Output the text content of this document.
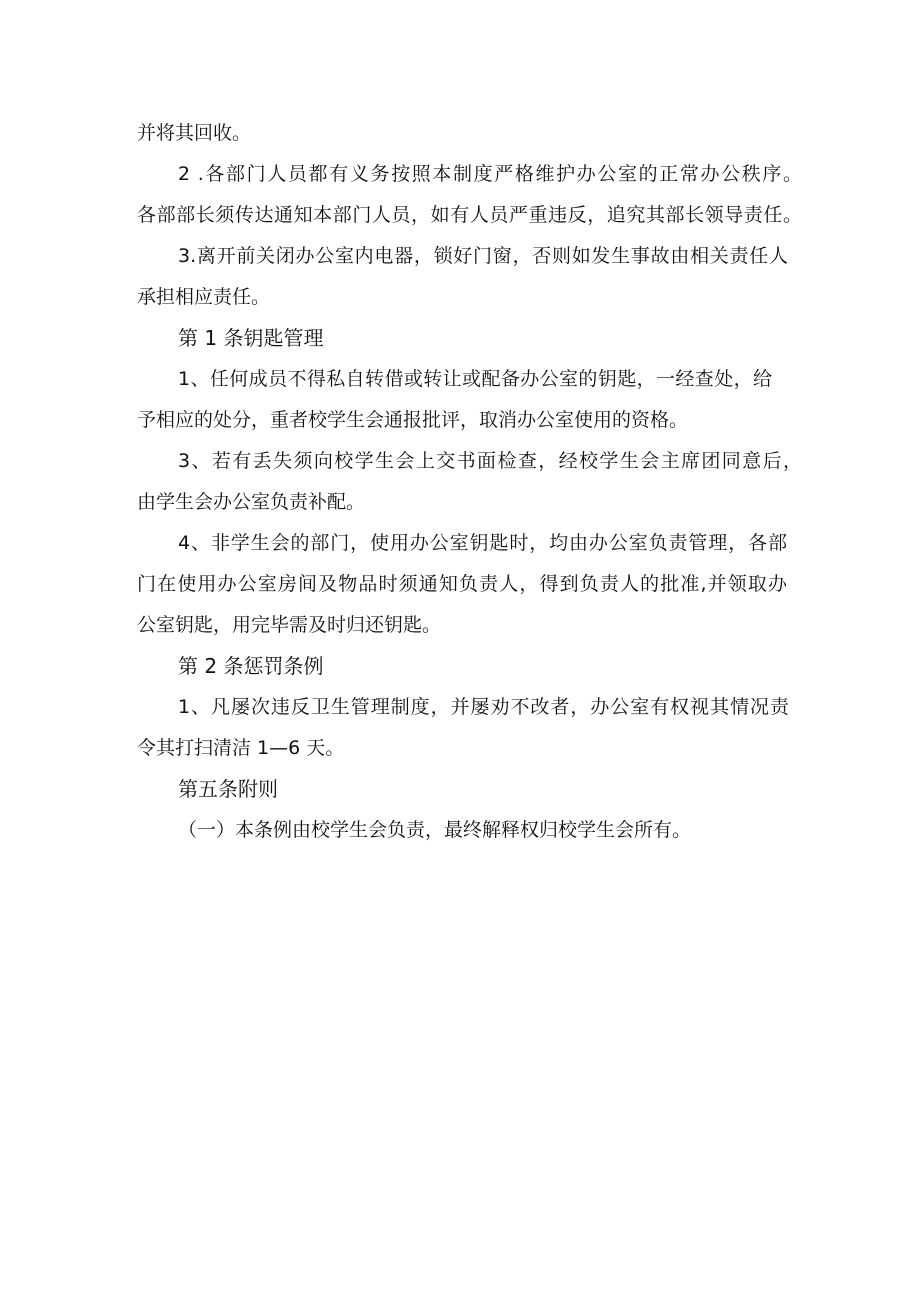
并将其回收。

2 .各部门人员都有义务按照本制度严格维护办公室的正常办公秩序。

各部部长须传达通知本部门人员，如有人员严重违反，追究其部长领导责任。

3.离开前关闭办公室内电器，锁好门窗，否则如发生事故由相关责任人

承担相应责任。

第 1 条钥匙管理

1、任何成员不得私自转借或转让或配备办公室的钥匙，一经查处，给

予相应的处分，重者校学生会通报批评，取消办公室使用的资格。

3、若有丢失须向校学生会上交书面检查，经校学生会主席团同意后，

由学生会办公室负责补配。

4、非学生会的部门，使用办公室钥匙时，均由办公室负责管理，各部

门在使用办公室房间及物品时须通知负责人，得到负责人的批准,并领取办

公室钥匙，用完毕需及时归还钥匙。

第 2 条惩罚条例

1、凡屡次违反卫生管理制度，并屡劝不改者，办公室有权视其情况责

令其打扫清洁 1—6 天。

第五条附则

（一）本条例由校学生会负责，最终解释权归校学生会所有。
